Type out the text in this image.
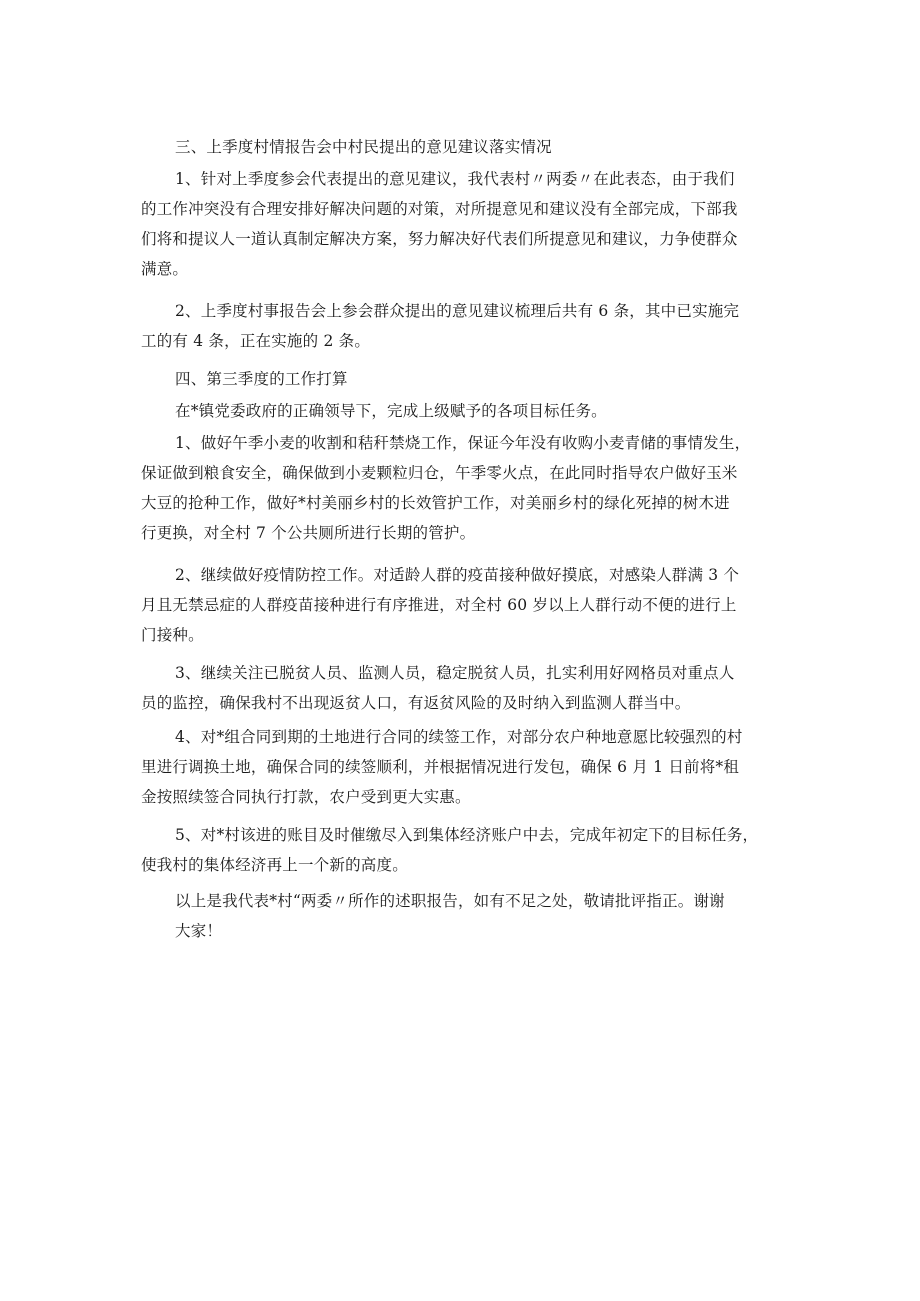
三、上季度村情报告会中村民提出的意见建议落实情况

1、针对上季度参会代表提出的意见建议，我代表村〃两委〃在此表态，由于我们
的工作冲突没有合理安排好解决问题的对策，对所提意见和建议没有全部完成，下部我
们将和提议人一道认真制定解决方案，努力解决好代表们所提意见和建议，力争使群众
满意。
2、上季度村事报告会上参会群众提出的意见建议梳理后共有 6 条，其中已实施完
工的有 4 条，正在实施的 2 条。
四、第三季度的工作打算
在*镇党委政府的正确领导下，完成上级赋予的各项目标任务。
1、做好午季小麦的收割和秸秆禁烧工作，保证今年没有收购小麦青储的事情发生，
保证做到粮食安全，确保做到小麦颗粒归仓，午季零火点，在此同时指导农户做好玉米
大豆的抢种工作，做好*村美丽乡村的长效管护工作，对美丽乡村的绿化死掉的树木进
行更换，对全村 7 个公共厕所进行长期的管护。
2、继续做好疫情防控工作。对适龄人群的疫苗接种做好摸底，对感染人群满 3 个
月且无禁忌症的人群疫苗接种进行有序推进，对全村 60 岁以上人群行动不便的进行上
门接种。
3、继续关注已脱贫人员、监测人员，稳定脱贫人员，扎实利用好网格员对重点人
员的监控，确保我村不出现返贫人口，有返贫风险的及时纳入到监测人群当中。
4、对*组合同到期的土地进行合同的续签工作，对部分农户种地意愿比较强烈的村
里进行调换土地，确保合同的续签顺利，并根据情况进行发包，确保 6 月 1 日前将*租
金按照续签合同执行打款，农户受到更大实惠。
5、对*村该进的账目及时催缴尽入到集体经济账户中去，完成年初定下的目标任务，
使我村的集体经济再上一个新的高度。
以上是我代表*村“两委〃所作的述职报告，如有不足之处，敬请批评指正。谢谢
大家！
